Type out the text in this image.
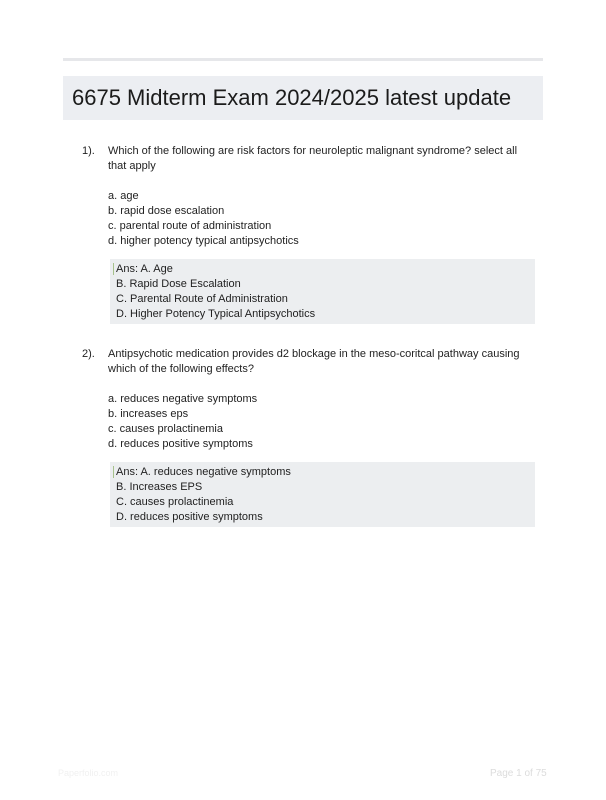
6675 Midterm Exam 2024/2025 latest update
1). Which of the following are risk factors for neuroleptic malignant syndrome? select all that apply
a. age
b. rapid dose escalation
c. parental route of administration
d. higher potency typical antipsychotics
Ans: A. Age
B. Rapid Dose Escalation
C. Parental Route of Administration
D. Higher Potency Typical Antipsychotics
2). Antipsychotic medication provides d2 blockage in the meso-coritcal pathway causing which of the following effects?
a. reduces negative symptoms
b. increases eps
c. causes prolactinemia
d. reduces positive symptoms
Ans: A. reduces negative symptoms
B. Increases EPS
C. causes prolactinemia
D. reduces positive symptoms
Paperfolio.com	Page 1 of 75
